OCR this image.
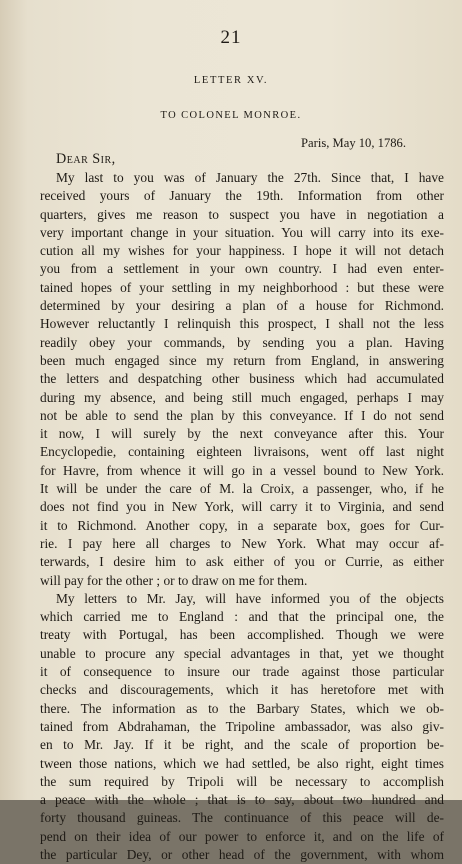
21
LETTER XV.
TO COLONEL MONROE.
Paris, May 10, 1786.
Dear Sir,
My last to you was of January the 27th. Since that, I have
received yours of January the 19th. Information from other
quarters, gives me reason to suspect you have in negotiation a
very important change in your situation. You will carry into its exe-
cution all my wishes for your happiness. I hope it will not detach
you from a settlement in your own country. I had even enter-
tained hopes of your settling in my neighborhood : but these were
determined by your desiring a plan of a house for Richmond.
However reluctantly I relinquish this prospect, I shall not the less
readily obey your commands, by sending you a plan. Having
been much engaged since my return from England, in answering
the letters and despatching other business which had accumulated
during my absence, and being still much engaged, perhaps I may
not be able to send the plan by this conveyance. If I do not send
it now, I will surely by the next conveyance after this. Your
Encyclopedie, containing eighteen livraisons, went off last night
for Havre, from whence it will go in a vessel bound to New York.
It will be under the care of M. la Croix, a passenger, who, if he
does not find you in New York, will carry it to Virginia, and send
it to Richmond. Another copy, in a separate box, goes for Cur-
rie. I pay here all charges to New York. What may occur af-
terwards, I desire him to ask either of you or Currie, as either
will pay for the other ; or to draw on me for them.
My letters to Mr. Jay, will have informed you of the objects
which carried me to England : and that the principal one, the
treaty with Portugal, has been accomplished. Though we were
unable to procure any special advantages in that, yet we thought
it of consequence to insure our trade against those particular
checks and discouragements, which it has heretofore met with
there. The information as to the Barbary States, which we ob-
tained from Abdrahaman, the Tripoline ambassador, was also giv-
en to Mr. Jay. If it be right, and the scale of proportion be-
tween those nations, which we had settled, be also right, eight times
the sum required by Tripoli will be necessary to accomplish
a peace with the whole ; that is to say, about two hundred and
forty thousand guineas. The continuance of this peace will de-
pend on their idea of our power to enforce it, and on the life of
the particular Dey, or other head of the government, with whom
